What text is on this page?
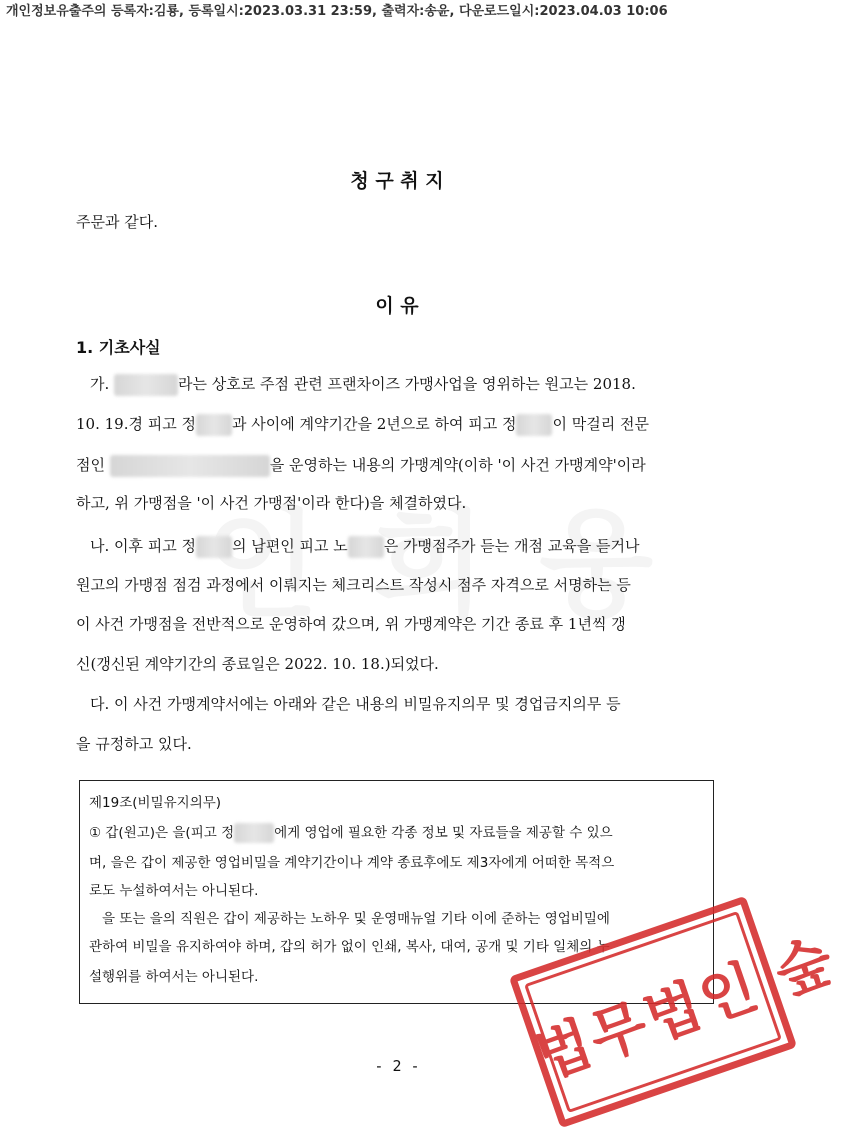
개인정보유출주의 등록자:김룡, 등록일시:2023.03.31 23:59, 출력자:송윤, 다운로드일시:2023.04.03 10:06
청 구 취 지
주문과 같다.
이 유
1. 기초사실
가.	라는 상호로 주점 관련 프랜차이즈 가맹사업을 영위하는 원고는 2018.
10. 19.경 피고 정 과 사이에 계약기간을 2년으로 하여 피고 정 이 막걸리 전문
점인	을 운영하는 내용의 가맹계약(이하 '이 사건 가맹계약'이라
하고, 위 가맹점을 '이 사건 가맹점'이라 한다)을 체결하였다.
나. 이후 피고 정 의 남편인 피고 노 은 가맹점주가 듣는 개점 교육을 듣거나
원고의 가맹점 점검 과정에서 이뤄지는 체크리스트 작성시 점주 자격으로 서명하는 등
이 사건 가맹점을 전반적으로 운영하여 갔으며, 위 가맹계약은 기간 종료 후 1년씩 갱
신(갱신된 계약기간의 종료일은 2022. 10. 18.)되었다.
다. 이 사건 가맹계약서에는 아래와 같은 내용의 비밀유지의무 및 경업금지의무 등
을 규정하고 있다.
제19조(비밀유지의무)
① 갑(원고)은 을(피고 정	에게 영업에 필요한 각종 정보 및 자료들을 제공할 수 있으
며, 을은 갑이 제공한 영업비밀을 계약기간이나 계약 종료후에도 제3자에게 어떠한 목적으
로도 누설하여서는 아니된다.
을 또는 을의 직원은 갑이 제공하는 노하우 및 운영매뉴얼 기타 이에 준하는 영업비밀에
관하여 비밀을 유지하여야 하며, 갑의 허가 없이 인쇄, 복사, 대여, 공개 및 기타 일체의 누
설행위를 하여서는 아니된다.
- 2 -	법무법인 숲
